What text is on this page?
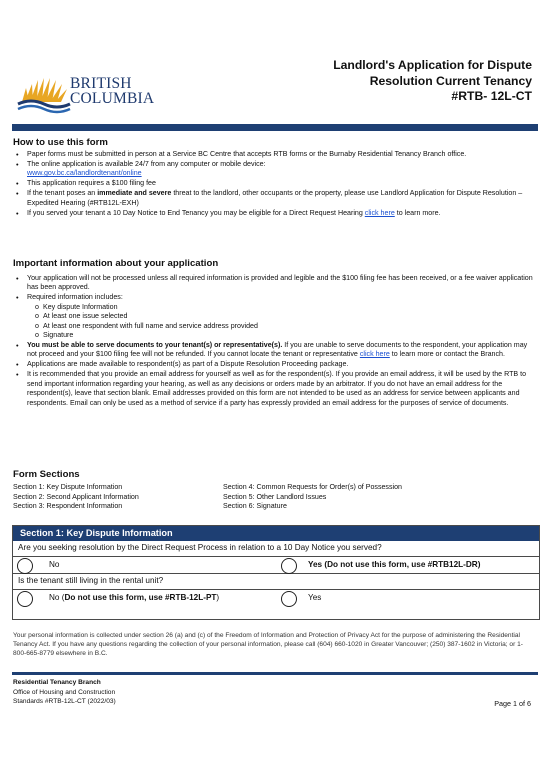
BRITISH
COLUMBIA
Landlord's Application for Dispute
Resolution Current Tenancy
#RTB- 12L-CT
How to use this form
• Paper forms must be submitted in person at a Service BC Centre that accepts RTB forms or the Burnaby Residential Tenancy Branch office.
• The online application is available 24/7 from any computer or mobile device:
www.gov.bc.ca/landlordtenant/online
• This application requires a $100 filing fee
• If the tenant poses an immediate and severe threat to the landlord, other occupants or the property, please use Landlord Application for Dispute Resolution – Expedited Hearing (#RTB12L-EXH)
• If you served your tenant a 10 Day Notice to End Tenancy you may be eligible for a Direct Request Hearing click here to learn more.
Important information about your application
• Your application will not be processed unless all required information is provided and legible and the $100 filing fee has been received, or a fee waiver application has been approved.
• Required information includes:
o Key dispute Information
o At least one issue selected
o At least one respondent with full name and service address provided
o Signature
• You must be able to serve documents to your tenant(s) or representative(s). If you are unable to serve documents to the respondent, your application may not proceed and your $100 filing fee will not be refunded. If you cannot locate the tenant or representative click here to learn more or contact the Branch.
• Applications are made available to respondent(s) as part of a Dispute Resolution Proceeding package.
• It is recommended that you provide an email address for yourself as well as for the respondent(s). If you provide an email address, it will be used by the RTB to send important information regarding your hearing, as well as any decisions or orders made by an arbitrator. If you do not have an email address for the respondent(s), leave that section blank. Email addresses provided on this form are not intended to be used as an address for service between applicants and respondents. Email can only be used as a method of service if a party has expressly provided an email address for the purposes of service of documents.
Form Sections
Section 1: Key Dispute Information	Section 4: Common Requests for Order(s) of Possession
Section 2: Second Applicant Information	Section 5: Other Landlord Issues
Section 3: Respondent Information	Section 6: Signature
Section 1: Key Dispute Information
Are you seeking resolution by the Direct Request Process in relation to a 10 Day Notice you served?
No	Yes (Do not use this form, use #RTB12L-DR)
Is the tenant still living in the rental unit?
No (Do not use this form, use #RTB-12L-PT)	Yes
Your personal information is collected under section 26 (a) and (c) of the Freedom of Information and Protection of Privacy Act for the purpose of administering the Residential Tenancy Act. If you have any questions regarding the collection of your personal information, please call (604) 660-1020 in Greater Vancouver; (250) 387-1602 in Victoria; or 1-800-665-8779 elsewhere in B.C.
Residential Tenancy Branch
Office of Housing and Construction
Standards #RTB-12L-CT (2022/03)	Page 1 of 6
